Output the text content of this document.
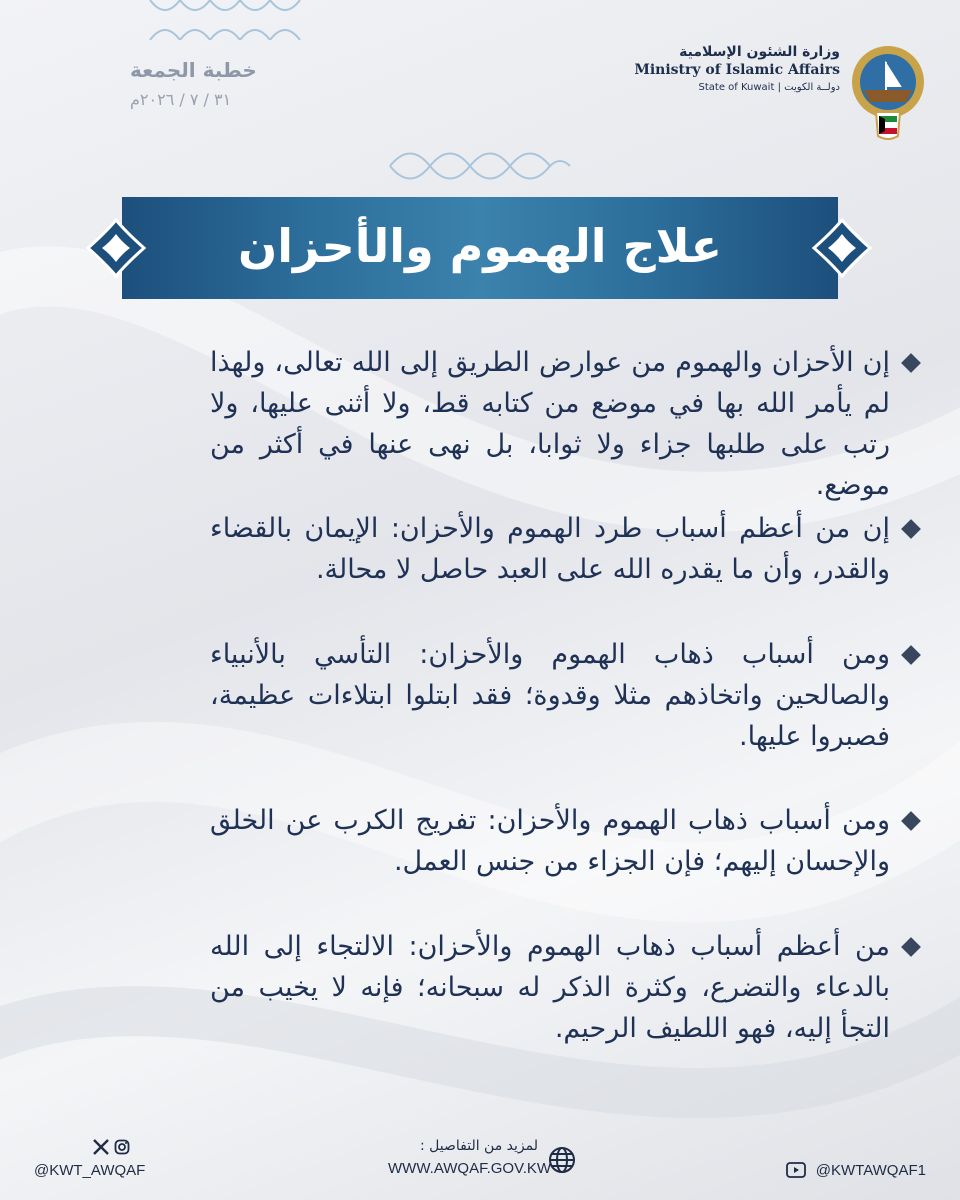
وزارة الشئون الإسلامية
Ministry of Islamic Affairs
State of Kuwait | دولــة الكويت
خطبة الجمعة
٣١ / ٧ / ٢٠٢٦م
علاج الهموم والأحزان
إن الأحزان والهموم من عوارض الطريق إلى الله تعالى، ولهذا لم يأمر الله بها في موضع من كتابه قط، ولا أثنى عليها، ولا رتب على طلبها جزاء ولا ثوابا، بل نهى عنها في أكثر من موضع.
إن من أعظم أسباب طرد الهموم والأحزان: الإيمان بالقضاء والقدر، وأن ما يقدره الله على العبد حاصل لا محالة.
ومن أسباب ذهاب الهموم والأحزان: التأسي بالأنبياء والصالحين واتخاذهم مثلا وقدوة؛ فقد ابتلوا ابتلاءات عظيمة، فصبروا عليها.
ومن أسباب ذهاب الهموم والأحزان: تفريج الكرب عن الخلق والإحسان إليهم؛ فإن الجزاء من جنس العمل.
من أعظم أسباب ذهاب الهموم والأحزان: الالتجاء إلى الله بالدعاء والتضرع، وكثرة الذكر له سبحانه؛ فإنه لا يخيب من التجأ إليه، فهو اللطيف الرحيم.
@KWT_AWQAF
لمزيد من التفاصيل :
WWW.AWQAF.GOV.KW	@KWTAWQAF1
